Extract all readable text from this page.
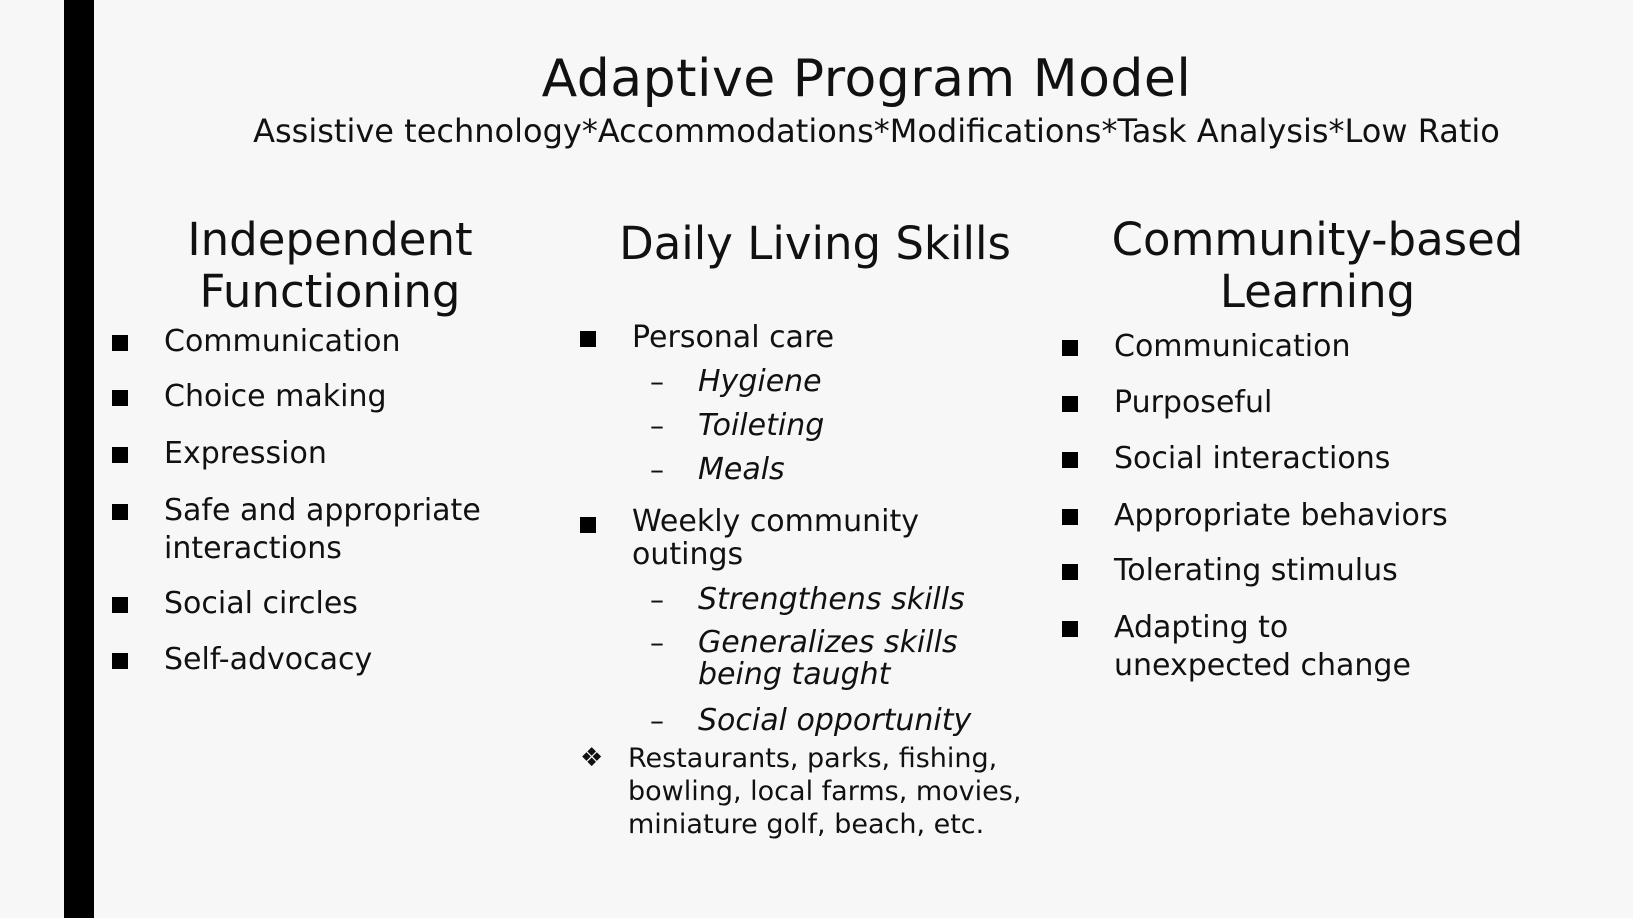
Adaptive Program Model
Assistive technology*Accommodations*Modifications*Task Analysis*Low Ratio
Independent
Functioning
Communication
Choice making
Expression
Safe and appropriate interactions
Social circles
Self-advocacy
Daily Living Skills
Personal care
– Hygiene
– Toileting
– Meals
Weekly community outings
– Strengthens skills
– Generalizes skills being taught
– Social opportunity
❖ Restaurants, parks, fishing, bowling, local farms, movies, miniature golf, beach, etc.
Community-based
Learning
Communication
Purposeful
Social interactions
Appropriate behaviors
Tolerating stimulus
Adapting to unexpected change
